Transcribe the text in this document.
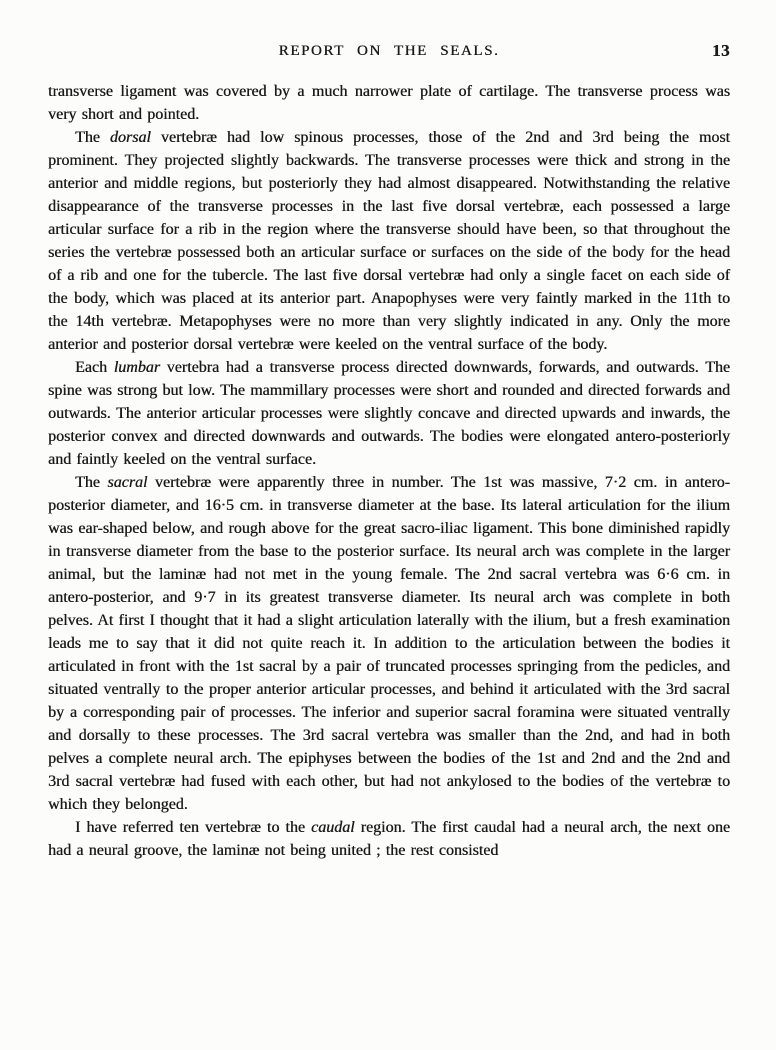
REPORT ON THE SEALS.	13

transverse ligament was covered by a much narrower plate of cartilage. The transverse process was very short and pointed.

The dorsal vertebræ had low spinous processes, those of the 2nd and 3rd being the most prominent. They projected slightly backwards. The transverse processes were thick and strong in the anterior and middle regions, but posteriorly they had almost disappeared. Notwithstanding the relative disappearance of the transverse processes in the last five dorsal vertebræ, each possessed a large articular surface for a rib in the region where the transverse should have been, so that throughout the series the vertebræ possessed both an articular surface or surfaces on the side of the body for the head of a rib and one for the tubercle. The last five dorsal vertebræ had only a single facet on each side of the body, which was placed at its anterior part. Anapophyses were very faintly marked in the 11th to the 14th vertebræ. Metapophyses were no more than very slightly indicated in any. Only the more anterior and posterior dorsal vertebræ were keeled on the ventral surface of the body.

Each lumbar vertebra had a transverse process directed downwards, forwards, and outwards. The spine was strong but low. The mammillary processes were short and rounded and directed forwards and outwards. The anterior articular processes were slightly concave and directed upwards and inwards, the posterior convex and directed downwards and outwards. The bodies were elongated antero-posteriorly and faintly keeled on the ventral surface.

The sacral vertebræ were apparently three in number. The 1st was massive, 7·2 cm. in antero-posterior diameter, and 16·5 cm. in transverse diameter at the base. Its lateral articulation for the ilium was ear-shaped below, and rough above for the great sacro-iliac ligament. This bone diminished rapidly in transverse diameter from the base to the posterior surface. Its neural arch was complete in the larger animal, but the laminæ had not met in the young female. The 2nd sacral vertebra was 6·6 cm. in antero-posterior, and 9·7 in its greatest transverse diameter. Its neural arch was complete in both pelves. At first I thought that it had a slight articulation laterally with the ilium, but a fresh examination leads me to say that it did not quite reach it. In addition to the articulation between the bodies it articulated in front with the 1st sacral by a pair of truncated processes springing from the pedicles, and situated ventrally to the proper anterior articular processes, and behind it articulated with the 3rd sacral by a corresponding pair of processes. The inferior and superior sacral foramina were situated ventrally and dorsally to these processes. The 3rd sacral vertebra was smaller than the 2nd, and had in both pelves a complete neural arch. The epiphyses between the bodies of the 1st and 2nd and the 2nd and 3rd sacral vertebræ had fused with each other, but had not ankylosed to the bodies of the vertebræ to which they belonged.

I have referred ten vertebræ to the caudal region. The first caudal had a neural arch, the next one had a neural groove, the laminæ not being united ; the rest consisted
